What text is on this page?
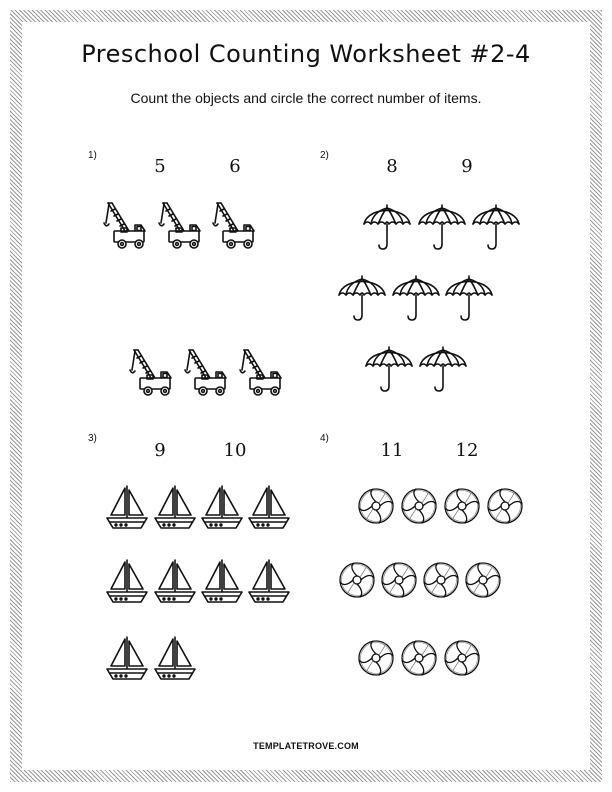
Preschool Counting Worksheet #2-4
Count the objects and circle the correct number of items.
1)
5	6
2)
8	9
3)
9	10
4)
11	12
TEMPLATETROVE.COM
